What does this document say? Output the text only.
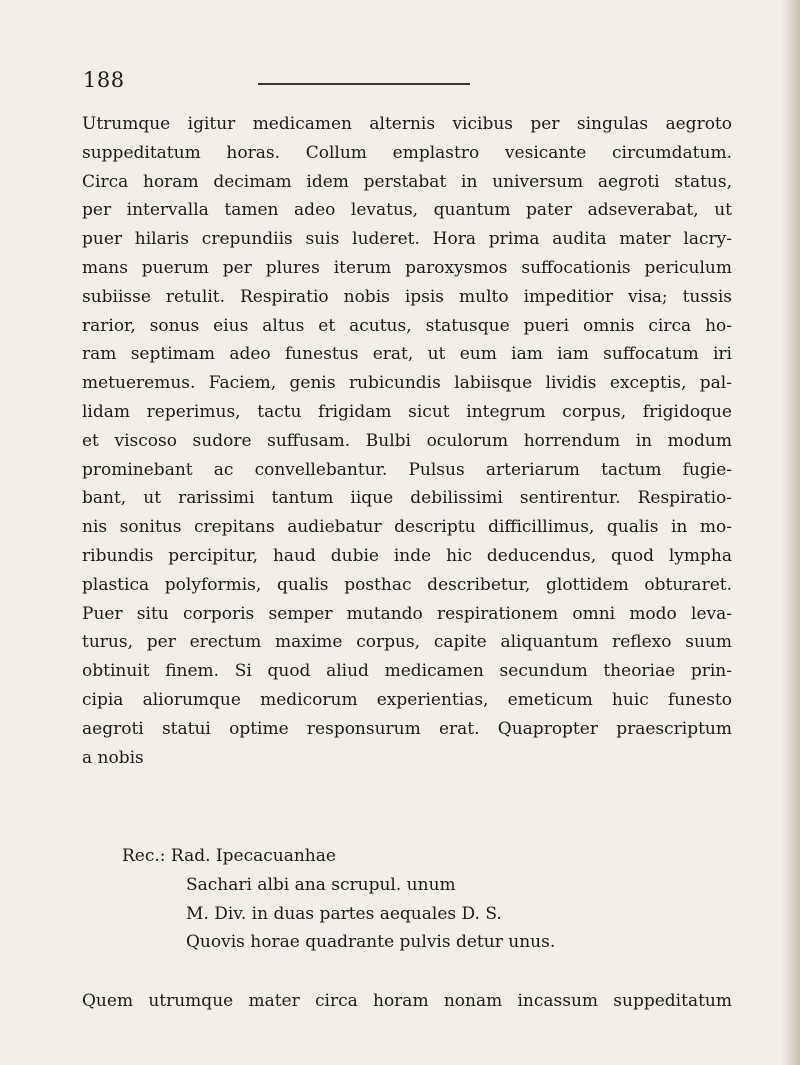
188
Utrumque igitur medicamen alternis vicibus per singulas aegroto
suppeditatum horas. Collum emplastro vesicante circumdatum.
Circa horam decimam idem perstabat in universum aegroti status,
per intervalla tamen adeo levatus, quantum pater adseverabat, ut
puer hilaris crepundiis suis luderet. Hora prima audita mater lacry-
mans puerum per plures iterum paroxysmos suffocationis periculum
subiisse retulit. Respiratio nobis ipsis multo impeditior visa; tussis
rarior, sonus eius altus et acutus, statusque pueri omnis circa ho-
ram septimam adeo funestus erat, ut eum iam iam suffocatum iri
metueremus. Faciem, genis rubicundis labiisque lividis exceptis, pal-
lidam reperimus, tactu frigidam sicut integrum corpus, frigidoque
et viscoso sudore suffusam. Bulbi oculorum horrendum in modum
prominebant ac convellebantur. Pulsus arteriarum tactum fugie-
bant, ut rarissimi tantum iique debilissimi sentirentur. Respiratio-
nis sonitus crepitans audiebatur descriptu difficillimus, qualis in mo-
ribundis percipitur, haud dubie inde hic deducendus, quod lympha
plastica polyformis, qualis posthac describetur, glottidem obturaret.
Puer situ corporis semper mutando respirationem omni modo leva-
turus, per erectum maxime corpus, capite aliquantum reflexo suum
obtinuit finem. Si quod aliud medicamen secundum theoriae prin-
cipia aliorumque medicorum experientias, emeticum huic funesto
aegroti statui optime responsurum erat. Quapropter praescriptum
a nobis
Rec.: Rad. Ipecacuanhae
Sachari albi ana scrupul. unum
M. Div. in duas partes aequales D. S.
Quovis horae quadrante pulvis detur unus.
Quem utrumque mater circa horam nonam incassum suppeditatum
